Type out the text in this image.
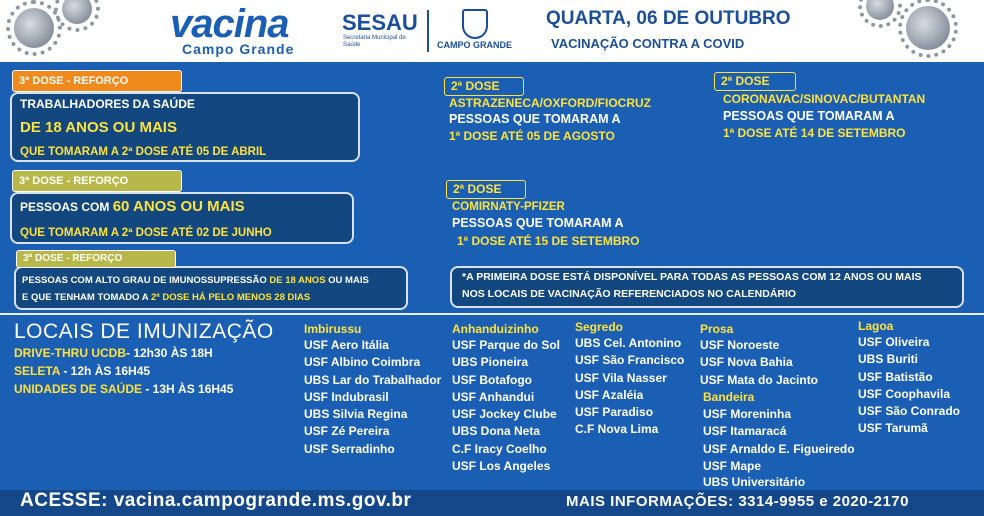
vacina
Campo Grande
SESAU
Secretaria Municipal de Saúde	CAMPO GRANDE
QUARTA, 06 DE OUTUBRO
VACINAÇÃO CONTRA A COVID
3ª DOSE - REFORÇO
TRABALHADORES DA SAÚDE
DE 18 ANOS OU MAIS
QUE TOMARAM A 2ª DOSE ATÉ 05 DE ABRIL
3ª DOSE - REFORÇO
PESSOAS COM 60 ANOS OU MAIS
QUE TOMARAM A 2ª DOSE ATÉ 02 DE JUNHO
3ª DOSE - REFORÇO
PESSOAS COM ALTO GRAU DE IMUNOSSUPRESSÃO DE 18 ANOS OU MAIS
E QUE TENHAM TOMADO A 2ª DOSE HÁ PELO MENOS 28 DIAS
2ª DOSE
ASTRAZENECA/OXFORD/FIOCRUZ
PESSOAS QUE TOMARAM A
1ª DOSE ATÉ 05 DE AGOSTO
2ª DOSE
CORONAVAC/SINOVAC/BUTANTAN
PESSOAS QUE TOMARAM A
1ª DOSE ATÉ 14 DE SETEMBRO
2ª DOSE
COMIRNATY-PFIZER
PESSOAS QUE TOMARAM A
1ª DOSE ATÉ 15 DE SETEMBRO
*A PRIMEIRA DOSE ESTÁ DISPONÍVEL PARA TODAS AS PESSOAS COM 12 ANOS OU MAIS
NOS LOCAIS DE VACINAÇÃO REFERENCIADOS NO CALENDÁRIO
LOCAIS DE IMUNIZAÇÃO
DRIVE-THRU UCDB- 12h30 ÀS 18H
SELETA - 12h ÀS 16H45
UNIDADES DE SAÚDE - 13H ÀS 16H45
Imbirussu
USF Aero Itália
USF Albino Coimbra
UBS Lar do Trabalhador
USF Indubrasil
UBS Silvia Regina
USF Zé Pereira
USF Serradinho
Anhanduizinho
USF Parque do Sol
UBS Pioneira
USF Botafogo
USF Anhandui
USF Jockey Clube
UBS Dona Neta
C.F Iracy Coelho
USF Los Angeles
Segredo
UBS Cel. Antonino
USF São Francisco
USF Vila Nasser
USF Azaléia
USF Paradiso
C.F Nova Lima
Prosa
USF Noroeste
USF Nova Bahia
USF Mata do Jacinto
Bandeira
USF Moreninha
USF Itamaracá
USF Arnaldo E. Figueiredo
USF Mape
UBS Universitário
Lagoa
USF Oliveira
UBS Buriti
USF Batistão
USF Coophavila
USF São Conrado
USF Tarumã
ACESSE: vacina.campogrande.ms.gov.br	MAIS INFORMAÇÕES: 3314-9955 e 2020-2170
